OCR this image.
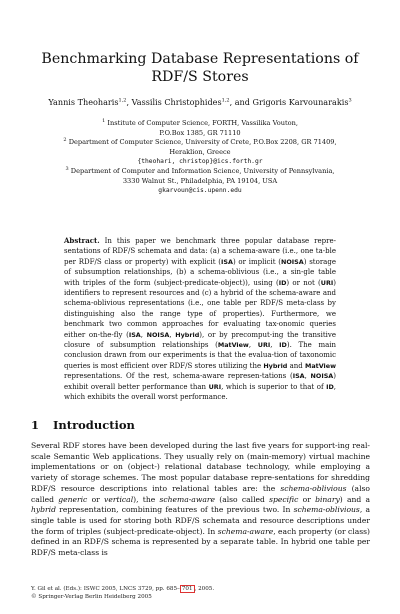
Benchmarking Database Representations of
RDF/S Stores
Yannis Theoharis$^{1,2}$, Vassilis Christophides$^{1,2}$, and Grigoris Karvounarakis$^3$
$^1$ Institute of Computer Science, FORTH, Vassilika Vouton,
P.O.Box 1385, GR 71110
$^2$ Department of Computer Science, University of Crete, P.O.Box 2208, GR 71409,
Heraklion, Greece
{theohari, christop}@ics.forth.gr
$^3$ Department of Computer and Information Science, University of Pennsylvania,
3330 Walnut St., Philadelphia, PA 19104, USA
gkarvoun@cis.upenn.edu
Abstract. In this paper we benchmark three popular database repre-sentations of RDF/S schemata and data: (a) a schema-aware (i.e., one ta-ble per RDF/S class or property) with explicit (ISA) or implicit (NOISA) storage of subsumption relationships, (b) a schema-oblivious (i.e., a sin-gle table with triples of the form (subject-predicate-object)), using (ID) or not (URI) identifiers to represent resources and (c) a hybrid of the schema-aware and schema-oblivious representations (i.e., one table per RDF/S meta-class by distinguishing also the range type of properties). Furthermore, we benchmark two common approaches for evaluating tax-onomic queries either on-the-fly (ISA, NOISA, Hybrid), or by precomput-ing the transitive closure of subsumption relationships (MatView, URI, ID). The main conclusion drawn from our experiments is that the evalua-tion of taxonomic queries is most efficient over RDF/S stores utilizing the Hybrid and MatView representations. Of the rest, schema-aware represen-tations (ISA, NOISA) exhibit overall better performance than URI, which is superior to that of ID, which exhibits the overall worst performance.
1 Introduction
Several RDF stores have been developed during the last five years for support-ing real-scale Semantic Web applications. They usually rely on (main-memory) virtual machine implementations or on (object-) relational database technology, while employing a variety of storage schemes. The most popular database repre-sentations for shredding RDF/S resource descriptions into relational tables are: the schema-oblivious (also called generic or vertical), the schema-aware (also called specific or binary) and a hybrid representation, combining features of the previous two. In schema-oblivious, a single table is used for storing both RDF/S schemata and resource descriptions under the form of triples (subject-predicate-object). In schema-aware, each property (or class) defined in an RDF/S schema is represented by a separate table. In hybrid one table per RDF/S meta-class is
Y. Gil et al. (Eds.): ISWC 2005, LNCS 3729, pp. 685– 701 , 2005.
© Springer-Verlag Berlin Heidelberg 2005
